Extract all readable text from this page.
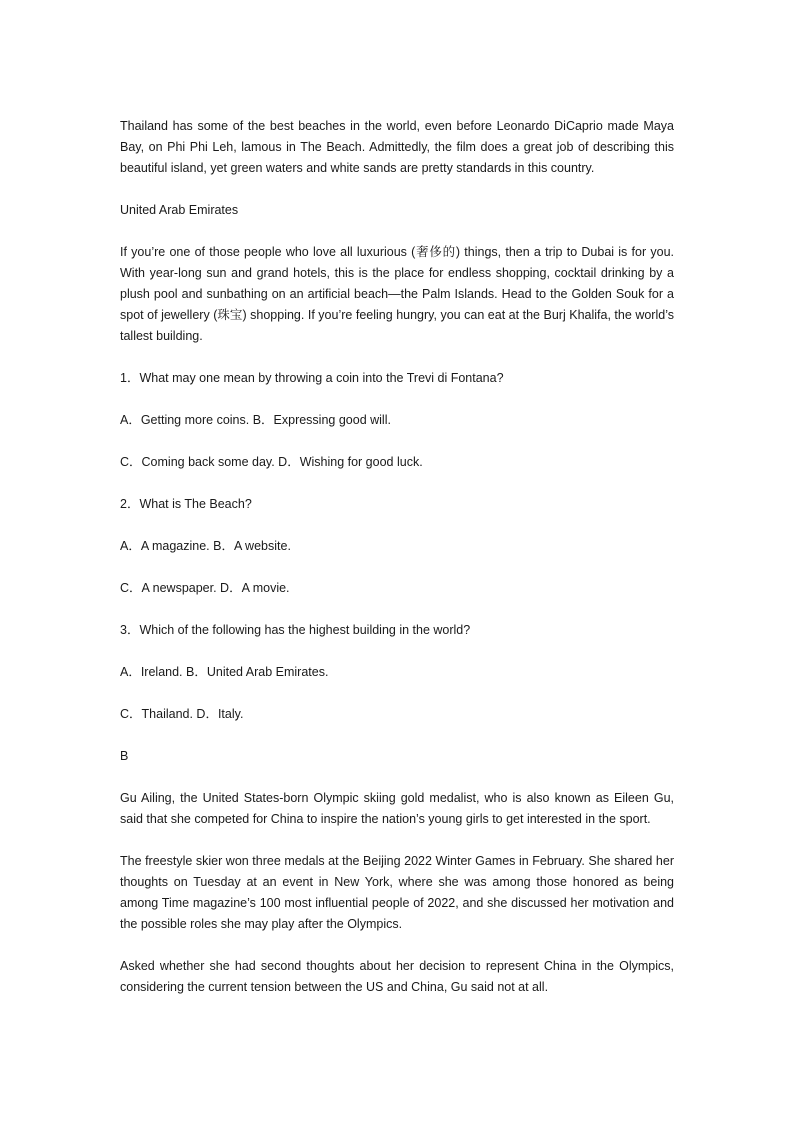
Thailand has some of the best beaches in the world, even before Leonardo DiCaprio made Maya Bay, on Phi Phi Leh, lamous in The Beach. Admittedly, the film does a great job of describing this beautiful island, yet green waters and white sands are pretty standards in this country.

United Arab Emirates

If you’re one of those people who love all luxurious (奢侈的) things, then a trip to Dubai is for you. With year-long sun and grand hotels, this is the place for endless shopping, cocktail drinking by a plush pool and sunbathing on an artificial beach—the Palm Islands. Head to the Golden Souk for a spot of jewellery (珠宝) shopping. If you’re feeling hungry, you can eat at the Burj Khalifa, the world’s tallest building.

1．What may one mean by throwing a coin into the Trevi di Fontana?

A．Getting more coins. B．Expressing good will.

C．Coming back some day. D．Wishing for good luck.

2．What is The Beach?

A．A magazine. B．A website.

C．A newspaper. D．A movie.

3．Which of the following has the highest building in the world?

A．Ireland. B．United Arab Emirates.

C．Thailand. D．Italy.

B

Gu Ailing, the United States-born Olympic skiing gold medalist, who is also known as Eileen Gu, said that she competed for China to inspire the nation’s young girls to get interested in the sport.

The freestyle skier won three medals at the Beijing 2022 Winter Games in February. She shared her thoughts on Tuesday at an event in New York, where she was among those honored as being among Time magazine’s 100 most influential people of 2022, and she discussed her motivation and the possible roles she may play after the Olympics.

Asked whether she had second thoughts about her decision to represent China in the Olympics, considering the current tension between the US and China, Gu said not at all.
